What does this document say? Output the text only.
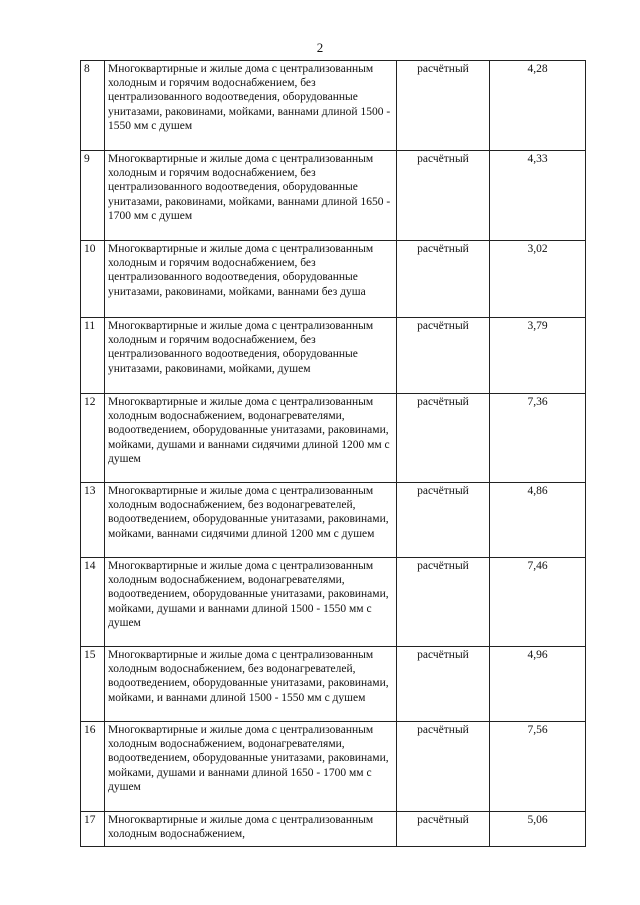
2
8	Многоквартирные и жилые дома с централизованным холодным и горячим водоснабжением, без централизованного водоотведения, оборудованные унитазами, раковинами, мойками, ваннами длиной 1500 - 1550 мм с душем	расчётный	4,28
9	Многоквартирные и жилые дома с централизованным холодным и горячим водоснабжением, без централизованного водоотведения, оборудованные унитазами, раковинами, мойками, ваннами длиной 1650 - 1700 мм с душем	расчётный	4,33
10	Многоквартирные и жилые дома с централизованным холодным и горячим водоснабжением, без централизованного водоотведения, оборудованные унитазами, раковинами, мойками, ваннами без душа	расчётный	3,02
11	Многоквартирные и жилые дома с централизованным холодным и горячим водоснабжением, без централизованного водоотведения, оборудованные унитазами, раковинами, мойками, душем	расчётный	3,79
12	Многоквартирные и жилые дома с централизованным холодным водоснабжением, водонагревателями, водоотведением, оборудованные унитазами, раковинами, мойками, душами и ваннами сидячими длиной 1200 мм с душем	расчётный	7,36
13	Многоквартирные и жилые дома с централизованным холодным водоснабжением, без водонагревателей, водоотведением, оборудованные унитазами, раковинами, мойками, ваннами сидячими длиной 1200 мм с душем	расчётный	4,86
14	Многоквартирные и жилые дома с централизованным холодным водоснабжением, водонагревателями, водоотведением, оборудованные унитазами, раковинами, мойками, душами и ваннами длиной 1500 - 1550 мм с душем	расчётный	7,46
15	Многоквартирные и жилые дома с централизованным холодным водоснабжением, без водонагревателей, водоотведением, оборудованные унитазами, раковинами, мойками, и ваннами длиной 1500 - 1550 мм с душем	расчётный	4,96
16	Многоквартирные и жилые дома с централизованным холодным водоснабжением, водонагревателями, водоотведением, оборудованные унитазами, раковинами, мойками, душами и ваннами длиной 1650 - 1700 мм с душем	расчётный	7,56
17	Многоквартирные и жилые дома с централизованным холодным водоснабжением,	расчётный	5,06
